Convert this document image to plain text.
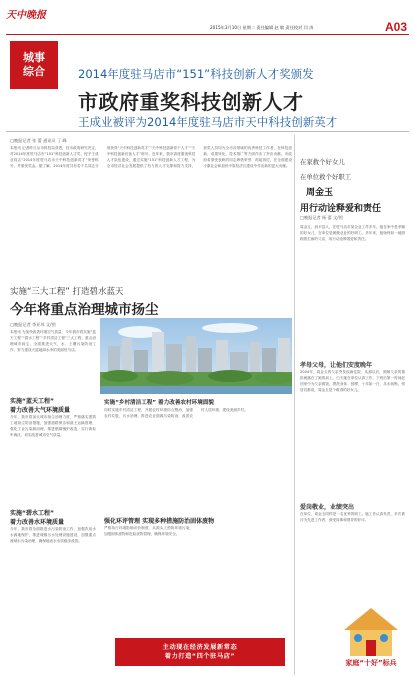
天中晚报
2015年3月10日 星期二 责任编辑 赵 敏 责任校对 闫 涛	A03
城事
综合	2014年度驻马店市“151”科技创新人才奖颁发
市政府重奖科技创新人才
王成业被评为2014年度驻马店市天中科技创新英才
□晚报记者 张 蕾 通讯员 丁 峰
本报讯 记者昨日从市科技局获悉，经市政府研究决定，对2014年度驻马店市“151”科技创新人才奖，授予王成业同志“2014年度驻马店市天中科技创新英才”荣誉称号，并颁发奖金。据了解，2014年度共有若干名同志分别获得“天中科技创新英才”“天中科技创新骨干人才”“天中科技创新后备人才”称号。近年来，我市高度重视科技人才队伍建设，通过实施“151”科技创新人才工程，为全市经济社会发展提供了有力的人才支撑和智力支持。获奖人员均为全市各领域的优秀科技工作者，在科技创新、成果转化、技术推广等方面作出了突出贡献。市政府希望受表彰的同志珍惜荣誉、再接再厉，在全面建设小康社会和加快中原经济区建设中作出新的更大贡献。	在家救个好女儿
在单位救个好职工
周金玉
用行动诠释爱和责任
□晚报记者 杨 蕾 文/图
周金玉，西平县人，在驻马店市某企业工作多年。她在家中是孝顺的好女儿，在单位是兢兢业业的好职工。多年来，她始终如一地照顾着生病的父亲，用行动诠释着爱和责任。
孝母父母，让他们安度晚年
2004年，周金玉的父亲突发疾病住院，从那以后，照顾父亲的重担就落在了她的肩上。白天她在单位认真工作，下班后第一时间赶回家中为父亲做饭、擦洗身体、按摩，十年如一日，从未间断。邻居们都说，周金玉是个难得的好女儿。
爱岗敬业，业绩突出
在单位，周金玉同样是一名优秀的职工。她工作认真负责，多次被评为先进工作者，深受同事和领导的好评。
实施“三大工程” 打造碧水蓝天
今年将重点治理城市扬尘
□晚报记者 李亚琼 文/图
本报讯 为加快改善环境空气质量，今年我市将实施“蓝天工程”“碧水工程”“乡村清洁工程”三大工程，重点治理城市扬尘，全面推进大气、水、土壤污染防治工作，努力建设天蓝地绿水净的美丽驻马店。
实施“乡村清洁工程” 着力改善农村环境面貌
实施“蓝天工程”
着力改善大气环境质量
今年，我市将加大城市扬尘治理力度，严格落实建筑工地扬尘防治措施，加强道路保洁和渣土运输管理，强化工业污染源治理，推进燃煤锅炉改造，实行黄标车淘汰，切实改善城市空气质量。
实施“碧水工程”
着力改善水环境质量
今年，我市将全面推进水污染防治工作，加强饮用水水源地保护，推进城镇污水处理设施建设，加强重点流域水污染治理，确保地表水水质稳步改善。
同时实施乡村清洁工程，开展农村环境综合整治，加强农村垃圾、污水治理，推进农业面源污染防治，改善农村人居环境，建设美丽乡村。
强化环评管理 实现多种措施防治固体废物
严格执行环境影响评价制度，从源头上预防环境污染，加强固体废物和危险废物管理，确保环境安全。
主动现在经济发展新常态
着力打造“四个驻马店”
家庭“十好”标兵
